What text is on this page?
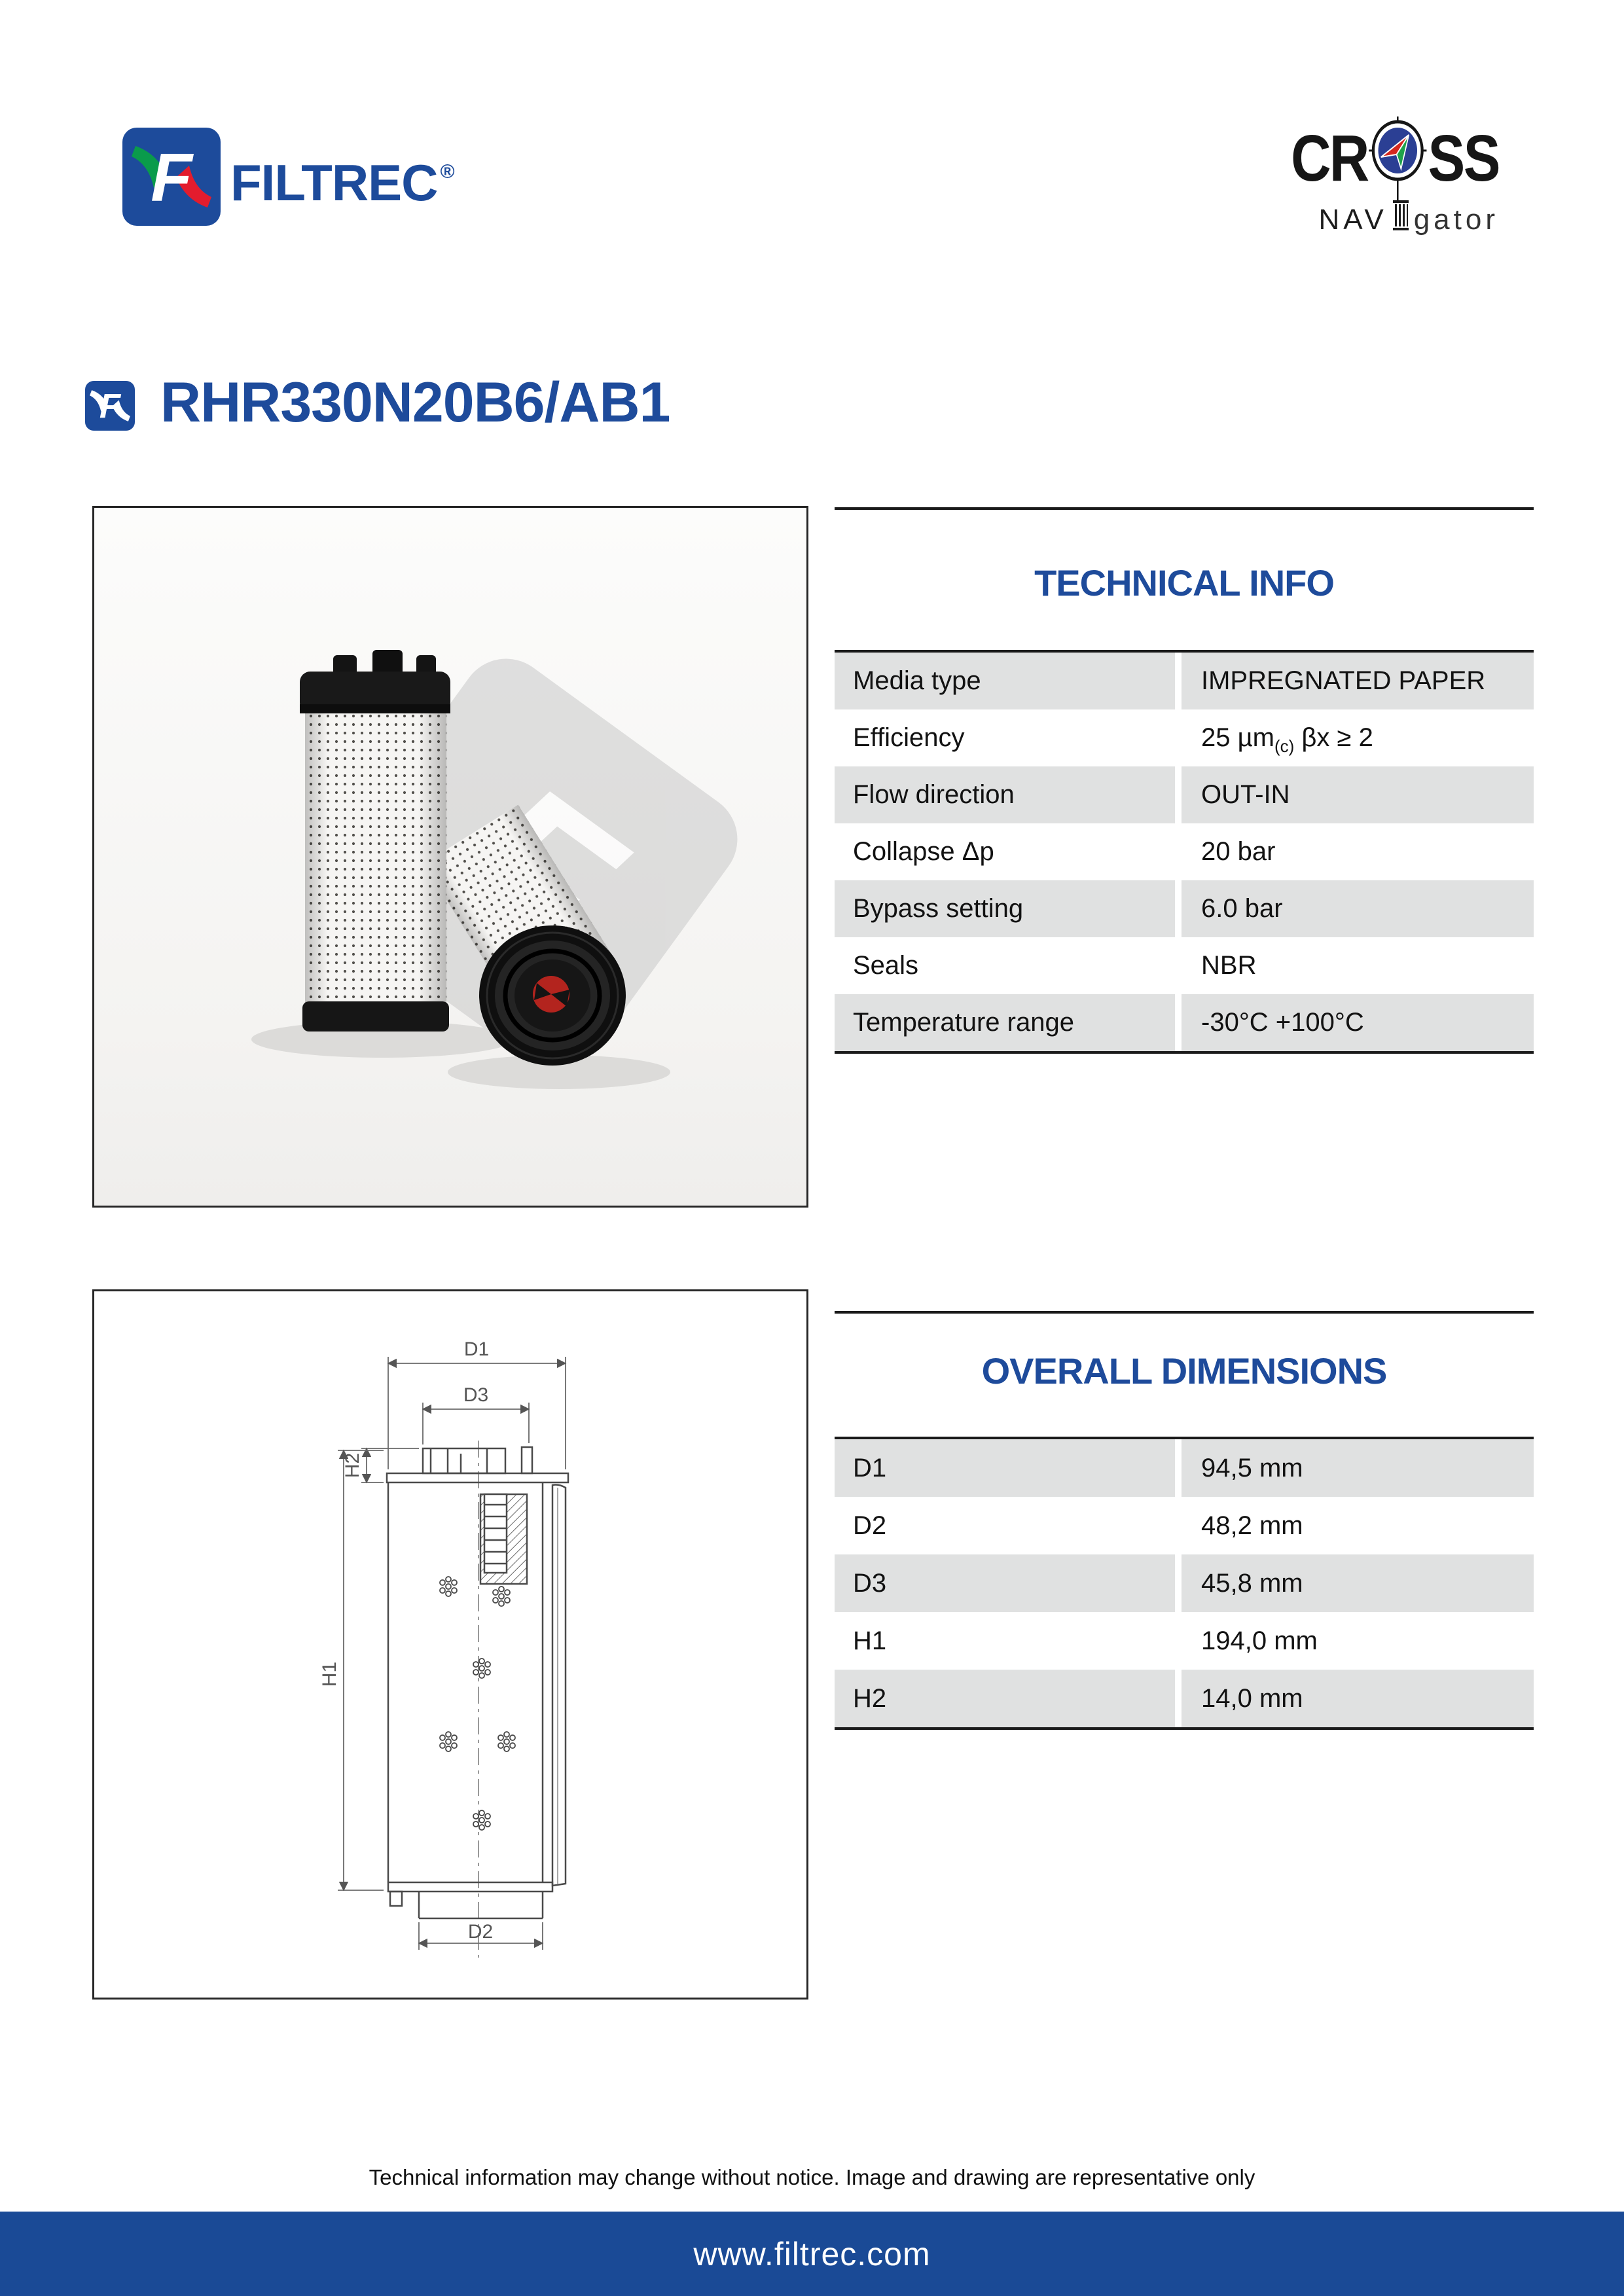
F FILTREC ®	CR SS
NAV gator
F RHR330N20B6/AB1
TECHNICAL INFO
Media type	IMPREGNATED PAPER
Efficiency	25 µm (c) βx ≥ 2
Flow direction	OUT-IN
Collapse Δp	20 bar
Bypass setting	6.0 bar
Seals	NBR
Temperature range	-30°C +100°C
D1
D3
H2
H1
D2
OVERALL DIMENSIONS
D1	94,5 mm
D2	48,2 mm
D3	45,8 mm
H1	194,0 mm
H2	14,0 mm
Technical information may change without notice. Image and drawing are representative only
www.filtrec.com
